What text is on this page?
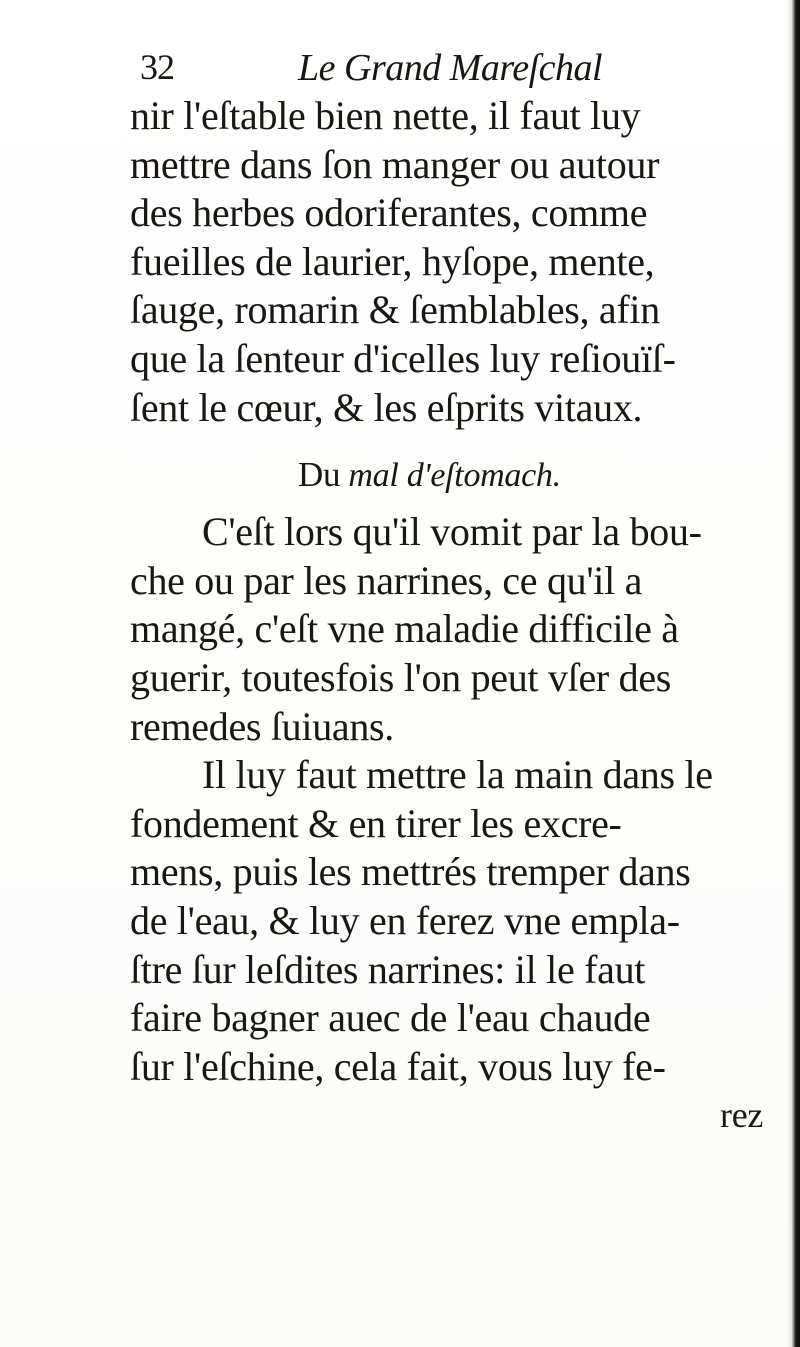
32	Le Grand Mareſchal
nir l'eſtable bien nette, il faut luy
mettre dans ſon manger ou autour
des herbes odoriferantes, comme
fueilles de laurier, hyſope, mente,
ſauge, romarin & ſemblables, afin
que la ſenteur d'icelles luy reſiouïſ-
ſent le cœur, & les eſprits vitaux.
Du mal d'eſtomach.
C'eſt lors qu'il vomit par la bou-
che ou par les narrines, ce qu'il a
mangé, c'eſt vne maladie difficile à
guerir, toutesfois l'on peut vſer des
remedes ſuiuans.
Il luy faut mettre la main dans le
fondement & en tirer les excre-
mens, puis les mettrés tremper dans
de l'eau, & luy en ferez vne empla-
ſtre ſur leſdites narrines: il le faut
faire bagner auec de l'eau chaude
ſur l'eſchine, cela fait, vous luy fe-
rez
